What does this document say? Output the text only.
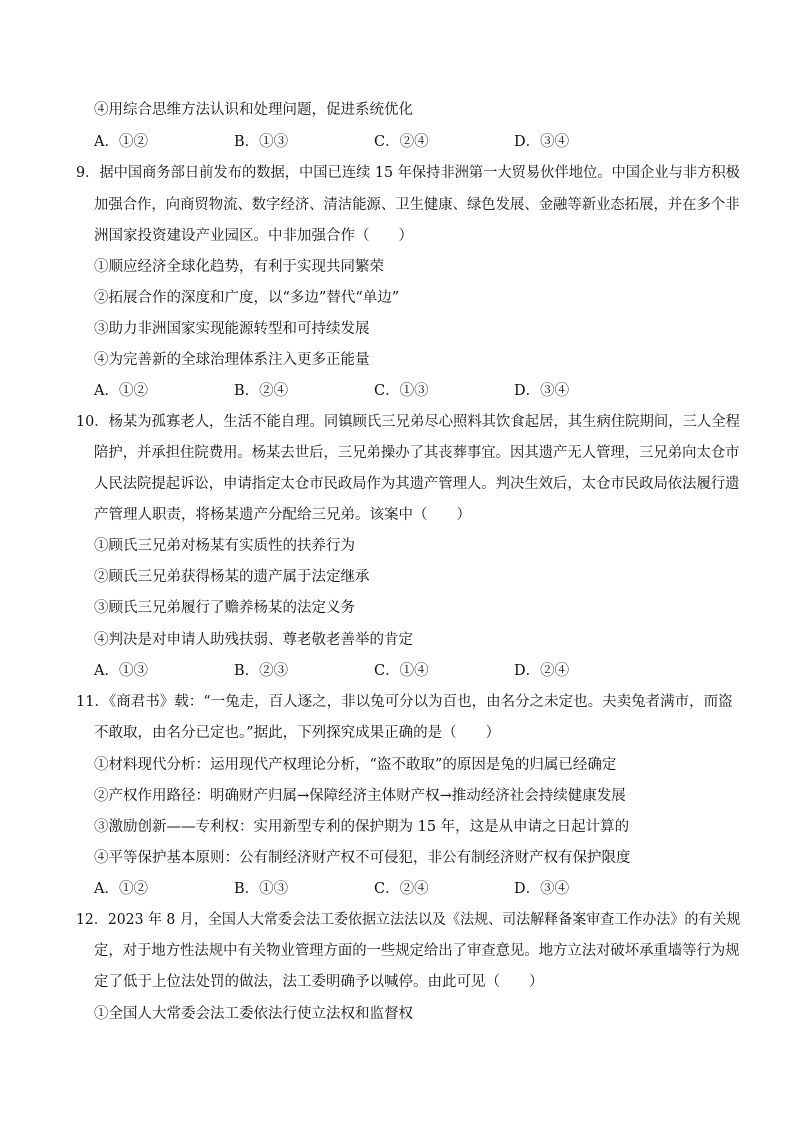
④用综合思维方法认识和处理问题，促进系统优化
A．①②	B．①③	C．②④	D．③④
9．据中国商务部日前发布的数据，中国已连续 15 年保持非洲第一大贸易伙伴地位。中国企业与非方积极
加强合作，向商贸物流、数字经济、清洁能源、卫生健康、绿色发展、金融等新业态拓展，并在多个非
洲国家投资建设产业园区。中非加强合作（　　）
①顺应经济全球化趋势，有利于实现共同繁荣
②拓展合作的深度和广度，以“多边”替代“单边”
③助力非洲国家实现能源转型和可持续发展
④为完善新的全球治理体系注入更多正能量
A．①②	B．②④	C．①③	D．③④
10．杨某为孤寡老人，生活不能自理。同镇顾氏三兄弟尽心照料其饮食起居，其生病住院期间，三人全程
陪护，并承担住院费用。杨某去世后，三兄弟操办了其丧葬事宜。因其遗产无人管理，三兄弟向太仓市
人民法院提起诉讼，申请指定太仓市民政局作为其遗产管理人。判决生效后，太仓市民政局依法履行遗
产管理人职责，将杨某遗产分配给三兄弟。该案中（　　）
①顾氏三兄弟对杨某有实质性的扶养行为
②顾氏三兄弟获得杨某的遗产属于法定继承
③顾氏三兄弟履行了赡养杨某的法定义务
④判决是对申请人助残扶弱、尊老敬老善举的肯定
A．①③	B．②③	C．①④	D．②④
11．《商君书》载：“一兔走，百人逐之，非以兔可分以为百也，由名分之未定也。夫卖兔者满市，而盗
不敢取，由名分已定也。”据此，下列探究成果正确的是（　　）
①材料现代分析：运用现代产权理论分析，“盗不敢取”的原因是兔的归属已经确定
②产权作用路径：明确财产归属→保障经济主体财产权→推动经济社会持续健康发展
③激励创新——专利权：实用新型专利的保护期为 15 年，这是从申请之日起计算的
④平等保护基本原则：公有制经济财产权不可侵犯，非公有制经济财产权有保护限度
A．①②	B．①③	C．②④	D．③④
12．2023 年 8 月，全国人大常委会法工委依据立法法以及《法规、司法解释备案审查工作办法》的有关规
定，对于地方性法规中有关物业管理方面的一些规定给出了审查意见。地方立法对破坏承重墙等行为规
定了低于上位法处罚的做法，法工委明确予以喊停。由此可见（　　）
①全国人大常委会法工委依法行使立法权和监督权
